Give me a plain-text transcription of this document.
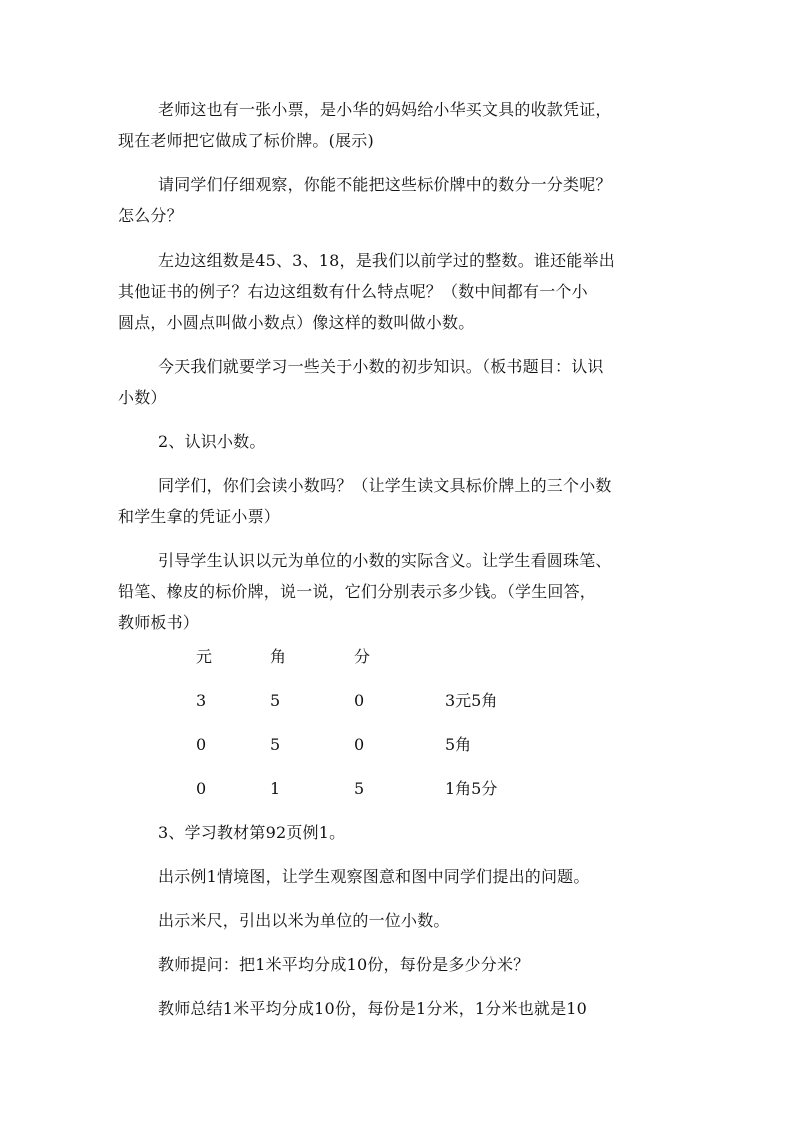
老师这也有一张小票，是小华的妈妈给小华买文具的收款凭证，
现在老师把它做成了标价牌。(展示)
请同学们仔细观察，你能不能把这些标价牌中的数分一分类呢？
怎么分？
左边这组数是45、3、18，是我们以前学过的整数。谁还能举出
其他证书的例子？右边这组数有什么特点呢？（数中间都有一个小
圆点，小圆点叫做小数点）像这样的数叫做小数。
今天我们就要学习一些关于小数的初步知识。（板书题目：认识
小数）
2、认识小数。
同学们，你们会读小数吗？（让学生读文具标价牌上的三个小数
和学生拿的凭证小票）
引导学生认识以元为单位的小数的实际含义。让学生看圆珠笔、
铅笔、橡皮的标价牌，说一说，它们分别表示多少钱。（学生回答，
教师板书）
元	角	分
3	5	0	3元5角
0	5	0	5角
0	1	5	1角5分
3、学习教材第92页例1。
出示例1情境图，让学生观察图意和图中同学们提出的问题。
出示米尺，引出以米为单位的一位小数。
教师提问：把1米平均分成10份，每份是多少分米？
教师总结1米平均分成10份，每份是1分米，1分米也就是10
